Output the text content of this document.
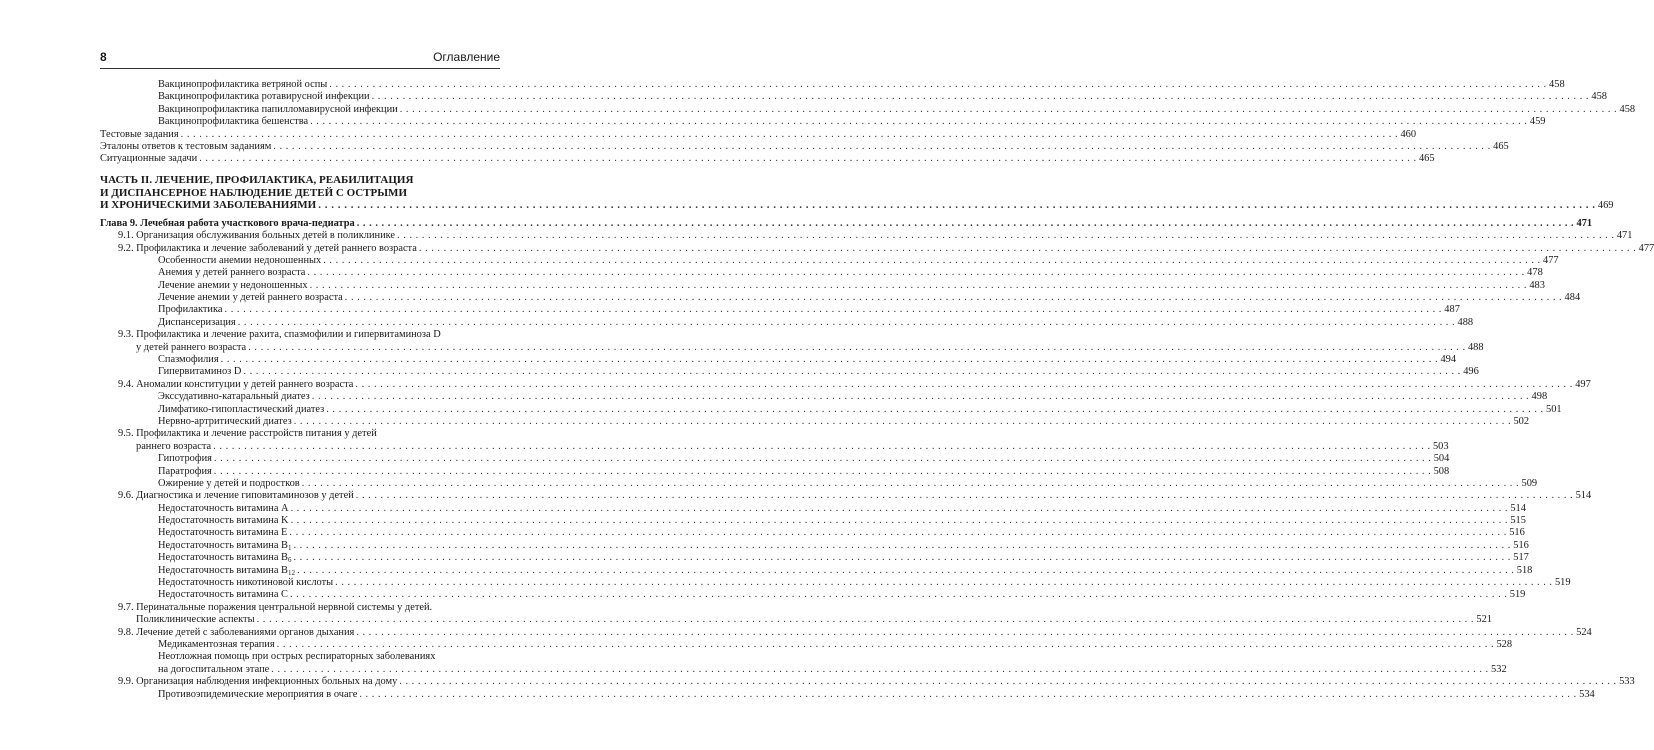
8	Оглавление
Вакцинопрофилактика ветряной оспы . . .	458
Вакцинопрофилактика ротавирусной инфекции . . .	458
Вакцинопрофилактика папилломавирусной инфекции . . .	458
Вакцинопрофилактика бешенства . . .	459
Тестовые задания . . .	460
Эталоны ответов к тестовым заданиям . . .	465
Ситуационные задачи . . .	465
ЧАСТЬ II. ЛЕЧЕНИЕ, ПРОФИЛАКТИКА, РЕАБИЛИТАЦИЯ
И ДИСПАНСЕРНОЕ НАБЛЮДЕНИЕ ДЕТЕЙ С ОСТРЫМИ
И ХРОНИЧЕСКИМИ ЗАБОЛЕВАНИЯМИ . . .	469
Глава 9. Лечебная работа участкового врача-педиатра . . .	471
9.1. Организация обслуживания больных детей в поликлинике . . .	471
9.2. Профилактика и лечение заболеваний у детей раннего возраста . . .	477
Особенности анемии недоношенных . . .	477
Анемия у детей раннего возраста . . .	478
Лечение анемии у недоношенных . . .	483
Лечение анемии у детей раннего возраста . . .	484
Профилактика . . .	487
Диспансеризация . . .	488
9.3. Профилактика и лечение рахита, спазмофилии и гипервитаминоза D
у детей раннего возраста . . .	488
Спазмофилия . . .	494
Гипервитаминоз D . . .	496
9.4. Аномалии конституции у детей раннего возраста . . .	497
Экссудативно-катаральный диатез . . .	498
Лимфатико-гипопластический диатез . . .	501
Нервно-артритический диатез . . .	502
9.5. Профилактика и лечение расстройств питания у детей
раннего возраста . . .	503
Гипотрофия . . .	504
Паратрофия . . .	508
Ожирение у детей и подростков . . .	509
9.6. Диагностика и лечение гиповитаминозов у детей . . .	514
Недостаточность витамина A . . .	514
Недостаточность витамина K . . .	515
Недостаточность витамина E . . .	516
Недостаточность витамина $B_1$ . . .	516
Недостаточность витамина $B_6$ . . .	517
Недостаточность витамина $B_{12}$ . . .	518
Недостаточность никотиновой кислоты . . .	519
Недостаточность витамина C . . .	519
9.7. Перинатальные поражения центральной нервной системы у детей.
Поликлинические аспекты . . .	521
9.8. Лечение детей с заболеваниями органов дыхания . . .	524
Медикаментозная терапия . . .	528
Неотложная помощь при острых респираторных заболеваниях
на догоспитальном этапе . . .	532
9.9. Организация наблюдения инфекционных больных на дому . . .	533
Противоэпидемические мероприятия в очаге . . .	534
